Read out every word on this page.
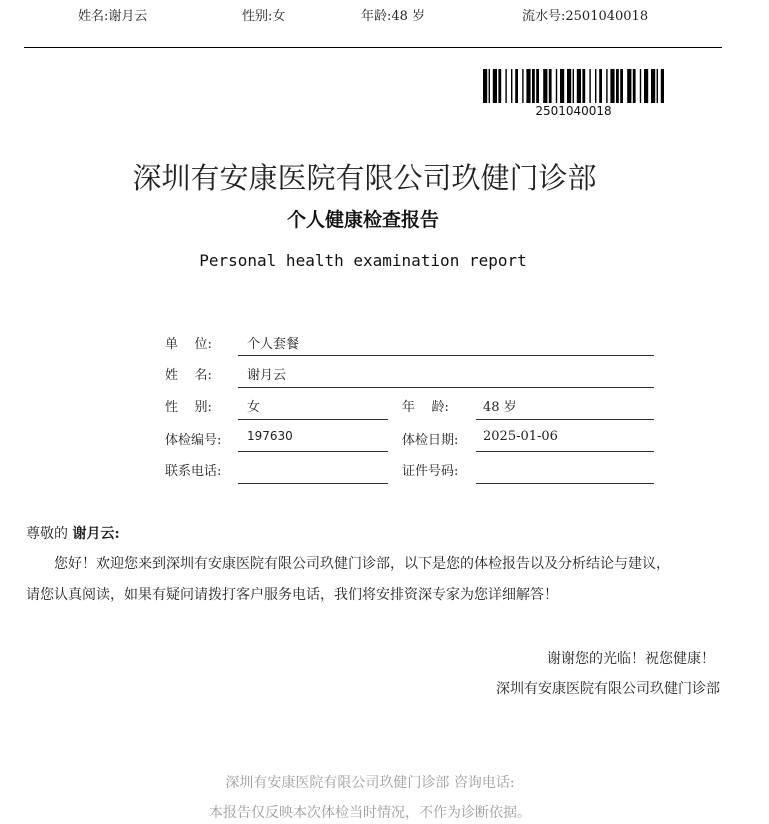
姓名:谢月云	性别:女	年龄:48 岁	流水号:2501040018
2501040018
深圳有安康医院有限公司玖健门诊部
个人健康检查报告
Personal health examination report
单    位:	个人套餐
姓    名:	谢月云
性    别:	女	年    龄:	48 岁
体检编号: 197630	体检日期: 2025-01-06
联系电话:	证件号码:
尊敬的 谢月云:
您好！欢迎您来到深圳有安康医院有限公司玖健门诊部，以下是您的体检报告以及分析结论与建议，
请您认真阅读，如果有疑问请拨打客户服务电话，我们将安排资深专家为您详细解答！
谢谢您的光临！祝您健康！
深圳有安康医院有限公司玖健门诊部
深圳有安康医院有限公司玖健门诊部 咨询电话:
本报告仅反映本次体检当时情况，不作为诊断依据。
